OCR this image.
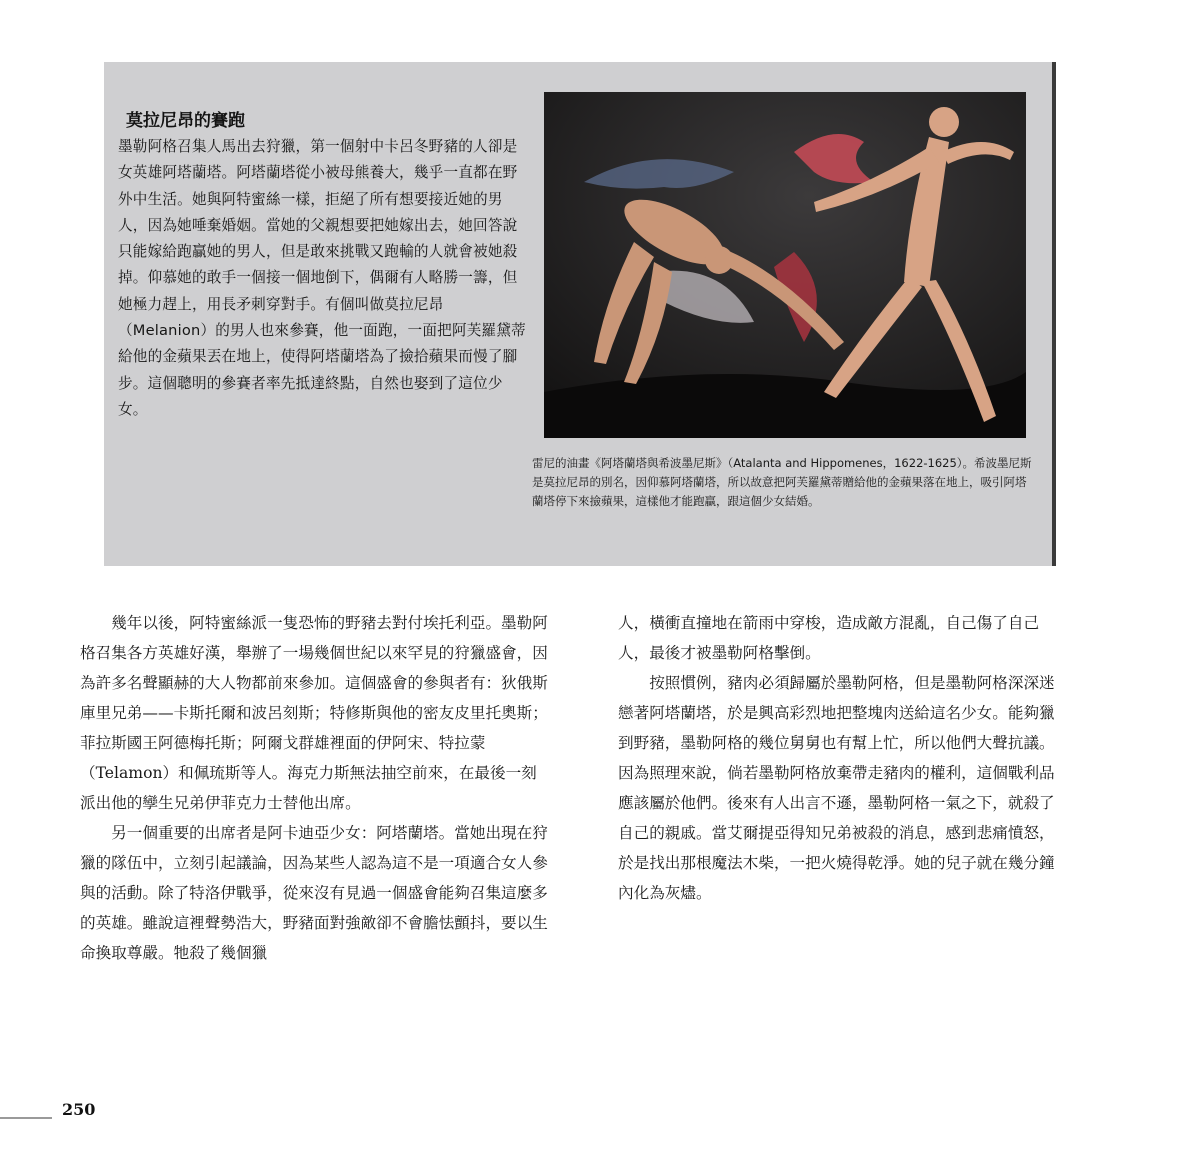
莫拉尼昂的賽跑

墨勒阿格召集人馬出去狩獵，第一個射中卡呂冬野豬的人卻是女英雄阿塔蘭塔。阿塔蘭塔從小被母熊養大，幾乎一直都在野外中生活。她與阿特蜜絲一樣，拒絕了所有想要接近她的男人，因為她唾棄婚姻。當她的父親想要把她嫁出去，她回答說只能嫁給跑贏她的男人，但是敢來挑戰又跑輸的人就會被她殺掉。仰慕她的敢手一個接一個地倒下，偶爾有人略勝一籌，但她極力趕上，用長矛刺穿對手。有個叫做莫拉尼昂（Melanion）的男人也來參賽，他一面跑，一面把阿芙羅黛蒂給他的金蘋果丟在地上，使得阿塔蘭塔為了撿拾蘋果而慢了腳步。這個聰明的參賽者率先抵達終點，自然也娶到了這位少女。

雷尼的油畫《阿塔蘭塔與希波墨尼斯》（Atalanta and Hippomenes，1622-1625）。希波墨尼斯是莫拉尼昂的別名，因仰慕阿塔蘭塔，所以故意把阿芙羅黛蒂贈給他的金蘋果落在地上，吸引阿塔蘭塔停下來撿蘋果，這樣他才能跑贏，跟這個少女結婚。

幾年以後，阿特蜜絲派一隻恐怖的野豬去對付埃托利亞。墨勒阿格召集各方英雄好漢，舉辦了一場幾個世紀以來罕見的狩獵盛會，因為許多名聲顯赫的大人物都前來參加。這個盛會的參與者有：狄俄斯庫里兄弟——卡斯托爾和波呂刻斯；特修斯與他的密友皮里托奧斯；菲拉斯國王阿德梅托斯；阿爾戈群雄裡面的伊阿宋、特拉蒙（Telamon）和佩琉斯等人。海克力斯無法抽空前來，在最後一刻派出他的孿生兄弟伊菲克力士替他出席。

另一個重要的出席者是阿卡迪亞少女：阿塔蘭塔。當她出現在狩獵的隊伍中，立刻引起議論，因為某些人認為這不是一項適合女人參與的活動。除了特洛伊戰爭，從來沒有見過一個盛會能夠召集這麼多的英雄。雖說這裡聲勢浩大，野豬面對強敵卻不會膽怯顫抖，要以生命換取尊嚴。牠殺了幾個獵

人，橫衝直撞地在箭雨中穿梭，造成敵方混亂，自己傷了自己人，最後才被墨勒阿格擊倒。

按照慣例，豬肉必須歸屬於墨勒阿格，但是墨勒阿格深深迷戀著阿塔蘭塔，於是興高彩烈地把整塊肉送給這名少女。能夠獵到野豬，墨勒阿格的幾位舅舅也有幫上忙，所以他們大聲抗議。因為照理來說，倘若墨勒阿格放棄帶走豬肉的權利，這個戰利品應該屬於他們。後來有人出言不遜，墨勒阿格一氣之下，就殺了自己的親戚。當艾爾提亞得知兄弟被殺的消息，感到悲痛憤怒，於是找出那根魔法木柴，一把火燒得乾淨。她的兒子就在幾分鐘內化為灰燼。

250
